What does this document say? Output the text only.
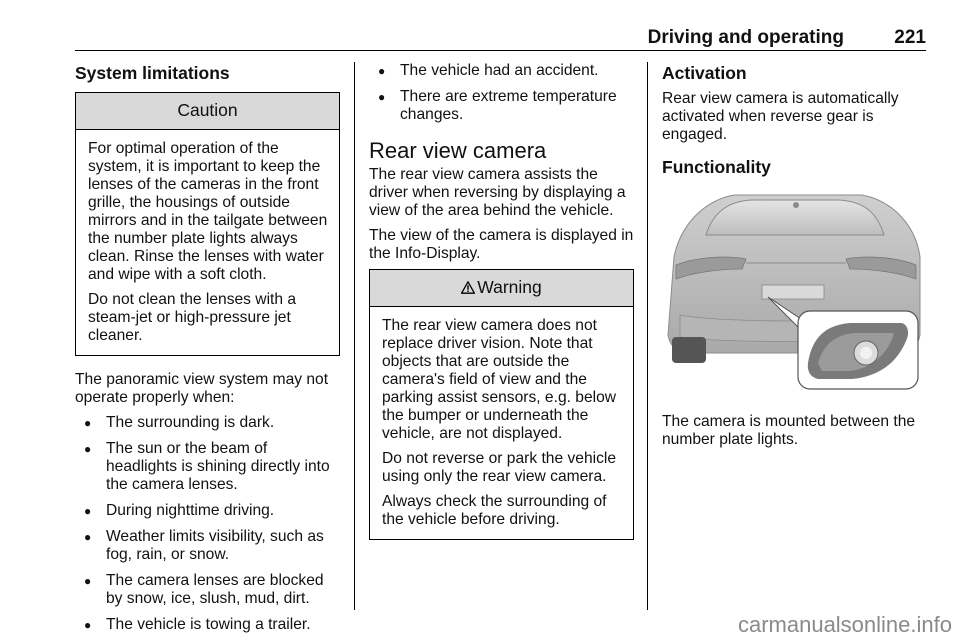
Driving and operating	221
System limitations
Caution

For optimal operation of the system, it is important to keep the lenses of the cameras in the front grille, the housings of outside mirrors and in the tailgate between the number plate lights always clean. Rinse the lenses with water and wipe with a soft cloth.

Do not clean the lenses with a steam-jet or high-pressure jet cleaner.

The panoramic view system may not operate properly when:

● The surrounding is dark.
● The sun or the beam of headlights is shining directly into the camera lenses.
● During nighttime driving.
● Weather limits visibility, such as fog, rain, or snow.
● The camera lenses are blocked by snow, ice, slush, mud, dirt.
● The vehicle is towing a trailer.
● The vehicle had an accident.
● There are extreme temperature changes.
Rear view camera

The rear view camera assists the driver when reversing by displaying a view of the area behind the vehicle.

The view of the camera is displayed in the Info-Display.

Warning

The rear view camera does not replace driver vision. Note that objects that are outside the camera's field of view and the parking assist sensors, e.g. below the bumper or underneath the vehicle, are not displayed.

Do not reverse or park the vehicle using only the rear view camera.

Always check the surrounding of the vehicle before driving.

Activation

Rear view camera is automatically activated when reverse gear is engaged.

Functionality

The camera is mounted between the number plate lights.

carmanualsonline.info
